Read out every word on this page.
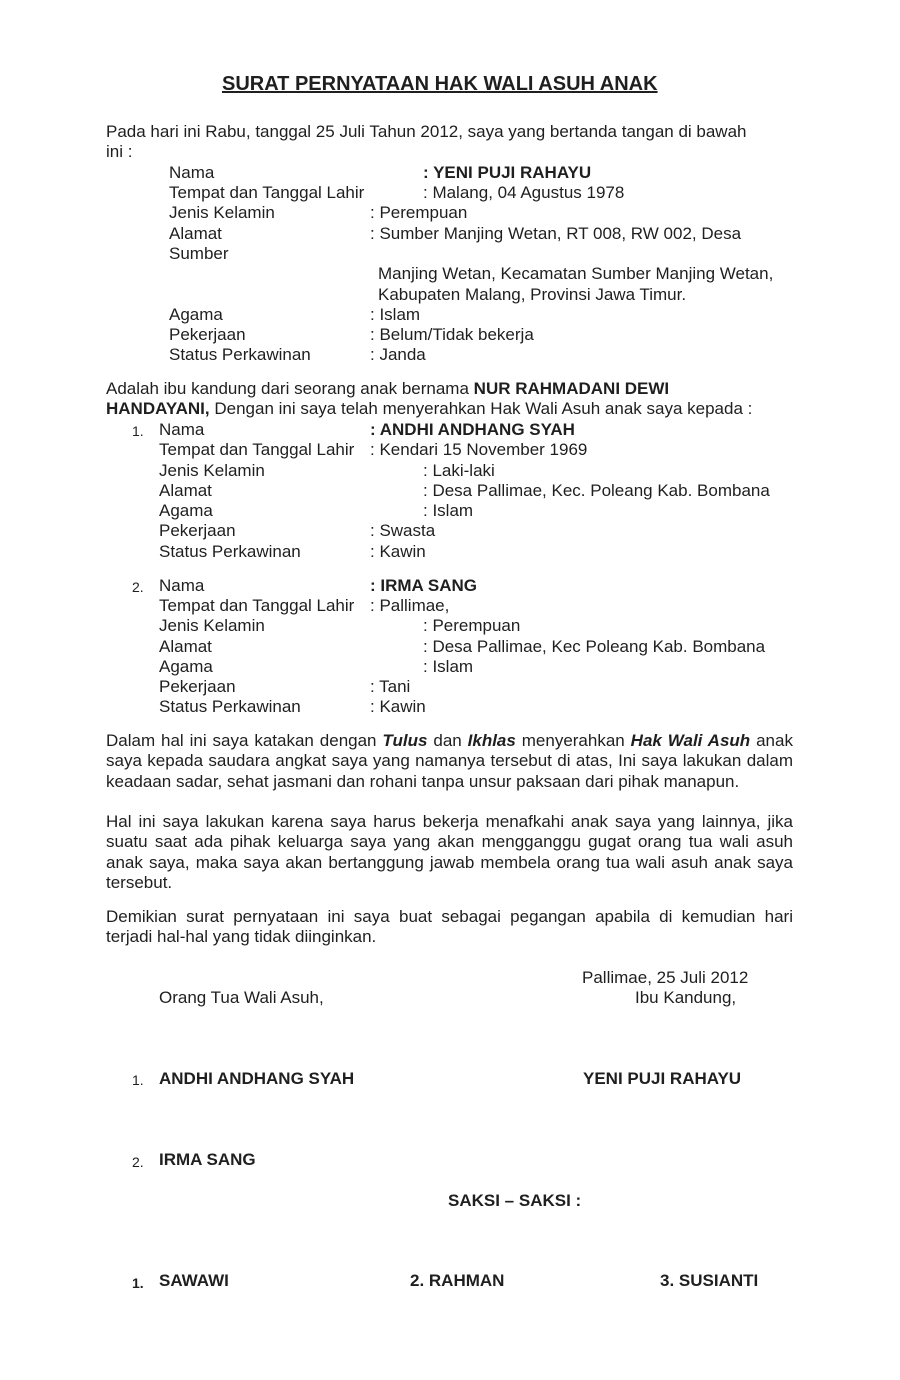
SURAT PERNYATAAN HAK WALI ASUH ANAK
Pada hari ini Rabu, tanggal 25 Juli Tahun 2012, saya yang bertanda tangan di bawah
ini :
Nama	: YENI PUJI RAHAYU
Tempat dan Tanggal Lahir	: Malang, 04 Agustus 1978
Jenis Kelamin	: Perempuan
Alamat	: Sumber Manjing Wetan, RT 008, RW 002, Desa
Sumber
Manjing Wetan, Kecamatan Sumber Manjing Wetan,
Kabupaten Malang, Provinsi Jawa Timur.
Agama	: Islam
Pekerjaan	: Belum/Tidak bekerja
Status Perkawinan	: Janda
Adalah ibu kandung dari seorang anak bernama NUR RAHMADANI DEWI
HANDAYANI, Dengan ini saya telah menyerahkan Hak Wali Asuh anak saya kepada :
1. Nama	: ANDHI ANDHANG SYAH
Tempat dan Tanggal Lahir : Kendari 15 November 1969
Jenis Kelamin	: Laki-laki
Alamat	: Desa Pallimae, Kec. Poleang Kab. Bombana
Agama	: Islam
Pekerjaan	: Swasta
Status Perkawinan	: Kawin
2. Nama	: IRMA SANG
Tempat dan Tanggal Lahir : Pallimae,
Jenis Kelamin	: Perempuan
Alamat	: Desa Pallimae, Kec Poleang Kab. Bombana
Agama	: Islam
Pekerjaan	: Tani
Status Perkawinan	: Kawin
Dalam hal ini saya katakan dengan Tulus dan Ikhlas menyerahkan Hak Wali Asuh anak saya kepada saudara angkat saya yang namanya tersebut di atas, Ini saya lakukan dalam keadaan sadar, sehat jasmani dan rohani tanpa unsur paksaan dari pihak manapun.
Hal ini saya lakukan karena saya harus bekerja menafkahi anak saya yang lainnya, jika suatu saat ada pihak keluarga saya yang akan mengganggu gugat orang tua wali asuh anak saya, maka saya akan bertanggung jawab membela orang tua wali asuh anak saya tersebut.
Demikian surat pernyataan ini saya buat sebagai pegangan apabila di kemudian hari terjadi hal-hal yang tidak diinginkan.
Pallimae, 25 Juli 2012
Orang Tua Wali Asuh,	Ibu Kandung,
1. ANDHI ANDHANG SYAH	YENI PUJI RAHAYU
2. IRMA SANG
SAKSI – SAKSI :
1. SAWAWI	2. RAHMAN	3. SUSIANTI
